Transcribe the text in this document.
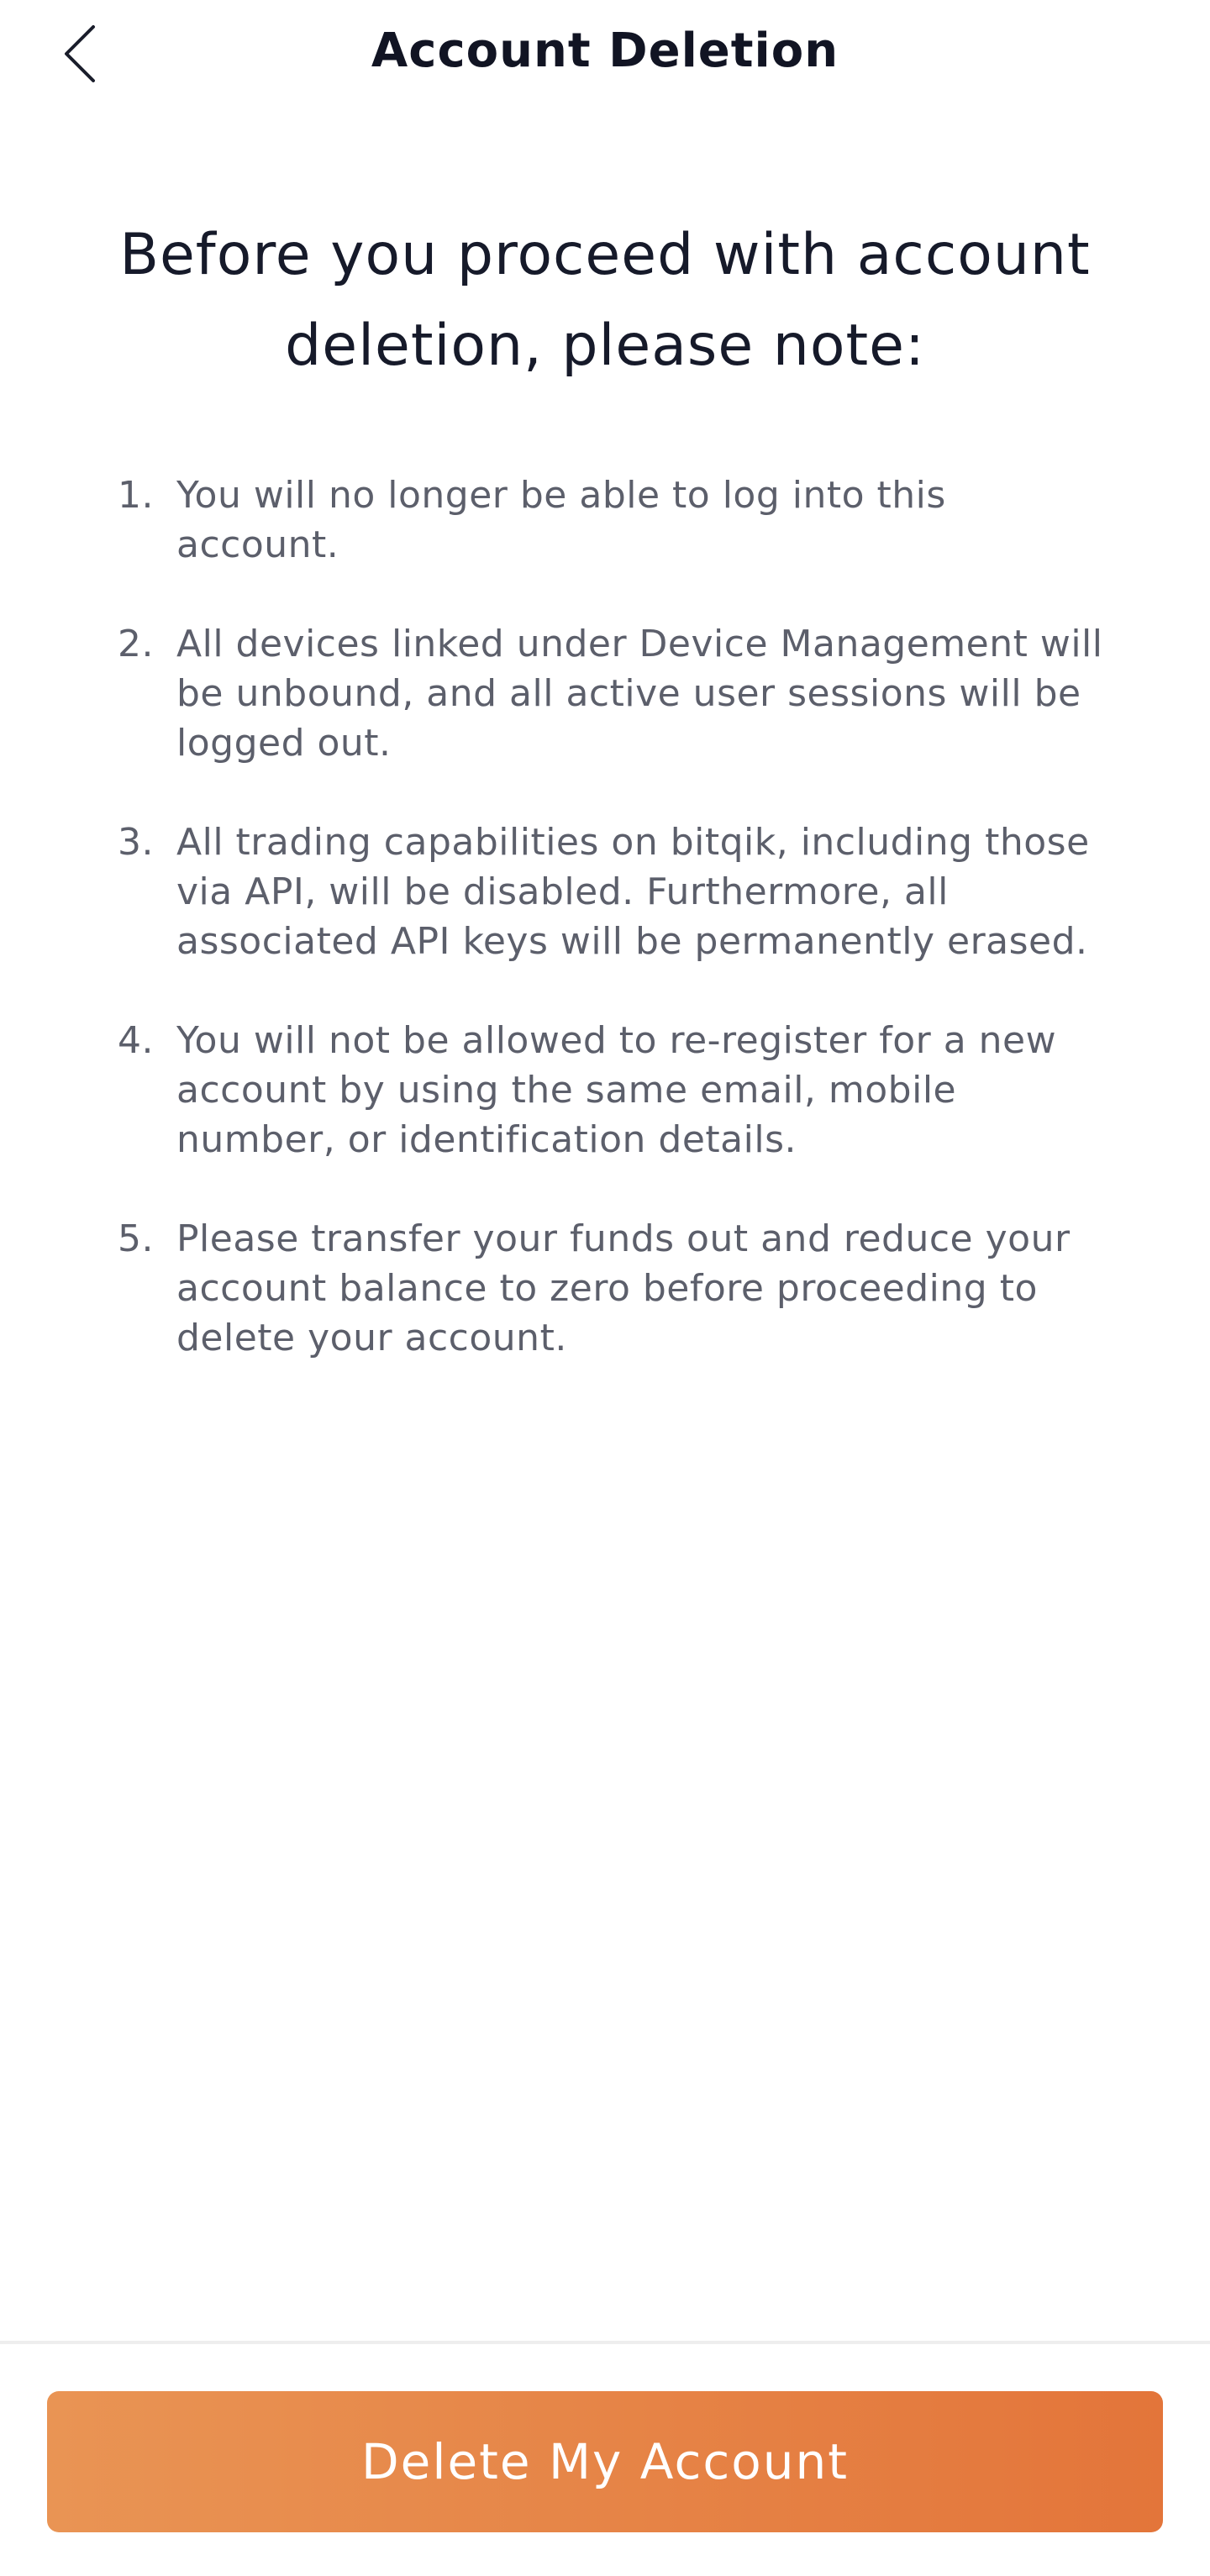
Account Deletion
Before you proceed with account deletion, please note:
1. You will no longer be able to log into this account.
2. All devices linked under Device Management will be unbound, and all active user sessions will be logged out.
3. All trading capabilities on bitqik, including those via API, will be disabled. Furthermore, all associated API keys will be permanently erased.
4. You will not be allowed to re-register for a new account by using the same email, mobile number, or identification details.
5. Please transfer your funds out and reduce your account balance to zero before proceeding to delete your account.
Delete My Account
